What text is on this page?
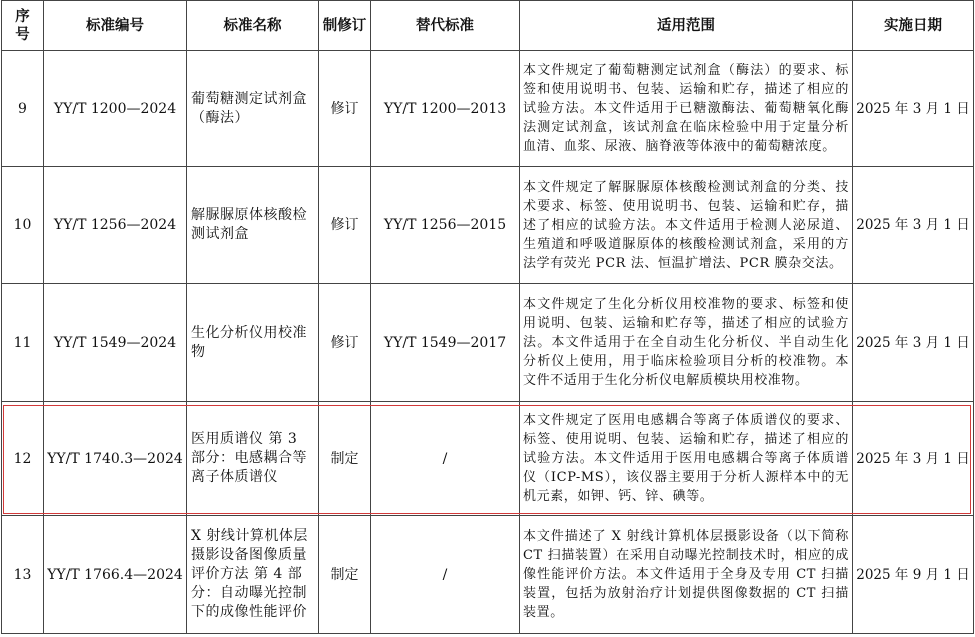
序
号	标准编号	标准名称	制修订	替代标准	适用范围	实施日期
9	YY/T 1200—2024	葡萄糖测定试剂盒（酶法）	修订	YY/T 1200—2013	本文件规定了葡萄糖测定试剂盒（酶法）的要求、标签和使用说明书、包装、运输和贮存，描述了相应的试验方法。本文件适用于已糖激酶法、葡萄糖氧化酶法测定试剂盒，该试剂盒在临床检验中用于定量分析血清、血浆、尿液、脑脊液等体液中的葡萄糖浓度。	2025 年 3 月 1 日
10	YY/T 1256—2024	解脲脲原体核酸检测试剂盒	修订	YY/T 1256—2015	本文件规定了解脲脲原体核酸检测试剂盒的分类、技术要求、标签、使用说明书、包装、运输和贮存，描述了相应的试验方法。本文件适用于检测人泌尿道、生殖道和呼吸道脲原体的核酸检测试剂盒，采用的方法学有荧光 PCR 法、恒温扩增法、PCR 膜杂交法。	2025 年 3 月 1 日
11	YY/T 1549—2024	生化分析仪用校准物	修订	YY/T 1549—2017	本文件规定了生化分析仪用校准物的要求、标签和使用说明、包装、运输和贮存等，描述了相应的试验方法。本文件适用于在全自动生化分析仪、半自动生化分析仪上使用，用于临床检验项目分析的校准物。本文件不适用于生化分析仪电解质模块用校准物。	2025 年 3 月 1 日
12	YY/T 1740.3—2024	医用质谱仪 第 3 部分：电感耦合等离子体质谱仪	制定	/	本文件规定了医用电感耦合等离子体质谱仪的要求、标签、使用说明、包装、运输和贮存，描述了相应的试验方法。本文件适用于医用电感耦合等离子体质谱仪（ICP-MS），该仪器主要用于分析人源样本中的无机元素，如钾、钙、锌、碘等。	2025 年 3 月 1 日
13	YY/T 1766.4—2024	X 射线计算机体层摄影设备图像质量评价方法 第 4 部分：自动曝光控制下的成像性能评价	制定	/	本文件描述了 X 射线计算机体层摄影设备（以下简称 CT 扫描装置）在采用自动曝光控制技术时，相应的成像性能评价方法。本文件适用于全身及专用 CT 扫描装置，包括为放射治疗计划提供图像数据的 CT 扫描装置。	2025 年 9 月 1 日
